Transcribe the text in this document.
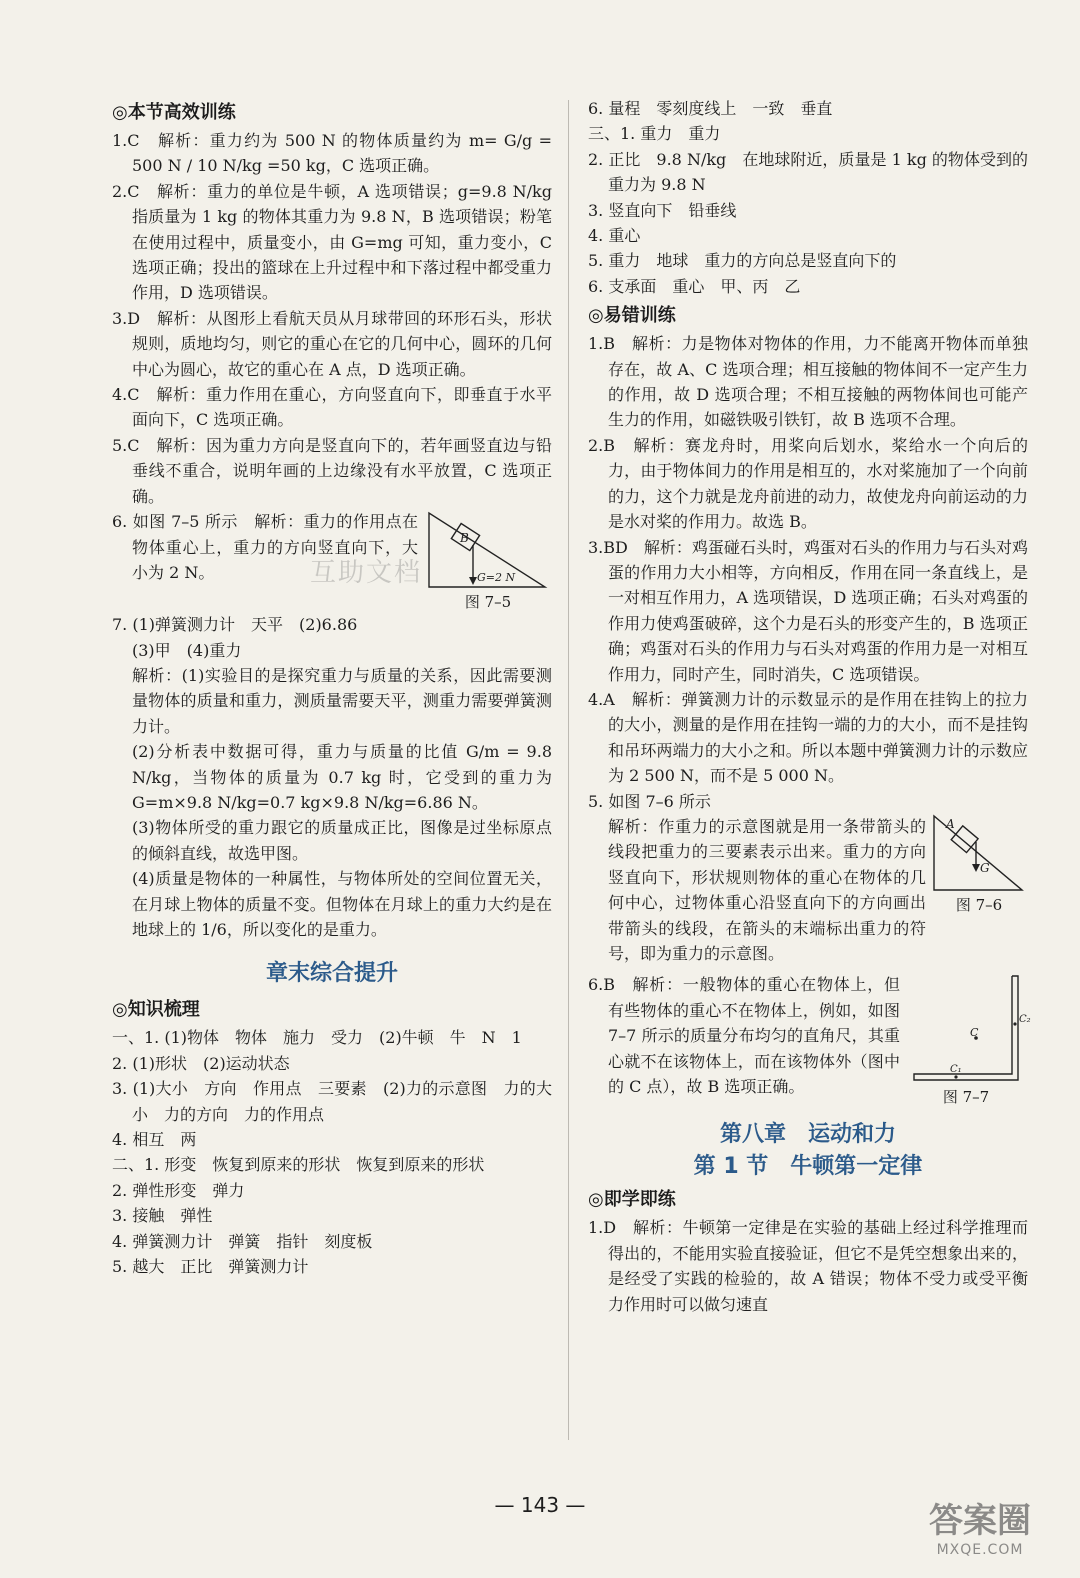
◎本节高效训练

1.C　解析：重力约为 500 N 的物体质量约为 m= G/g = 500 N / 10 N/kg =50 kg，C 选项正确。

2.C　解析：重力的单位是牛顿，A 选项错误；g=9.8 N/kg 指质量为 1 kg 的物体其重力为 9.8 N，B 选项错误；粉笔在使用过程中，质量变小，由 G=mg 可知，重力变小，C 选项正确；投出的篮球在上升过程中和下落过程中都受重力作用，D 选项错误。

3.D　解析：从图形上看航天员从月球带回的环形石头，形状规则，质地均匀，则它的重心在它的几何中心，圆环的几何中心为圆心，故它的重心在 A 点，D 选项正确。

4.C　解析：重力作用在重心，方向竖直向下，即垂直于水平面向下，C 选项正确。

5.C　解析：因为重力方向是竖直向下的，若年画竖直边与铅垂线不重合，说明年画的上边缘没有水平放置，C 选项正确。

6. 如图 7–5 所示　解析：重力的作用点在物体重心上，重力的方向竖直向下，大小为 2 N。

B
G=2 N
图 7–5

7. (1)弹簧测力计　天平　(2)6.86

(3)甲　(4)重力

解析：(1)实验目的是探究重力与质量的关系，因此需要测量物体的质量和重力，测质量需要天平，测重力需要弹簧测力计。

(2)分析表中数据可得，重力与质量的比值 G/m = 9.8 N/kg，当物体的质量为 0.7 kg 时，它受到的重力为 G=m×9.8 N/kg=0.7 kg×9.8 N/kg=6.86 N。

(3)物体所受的重力跟它的质量成正比，图像是过坐标原点的倾斜直线，故选甲图。

(4)质量是物体的一种属性，与物体所处的空间位置无关，在月球上物体的质量不变。但物体在月球上的重力大约是在地球上的 1/6，所以变化的是重力。

章末综合提升
◎知识梳理

一、1. (1)物体　物体　施力　受力　(2)牛顿　牛　N　1

2. (1)形状　(2)运动状态

3. (1)大小　方向　作用点　三要素　(2)力的示意图　力的大小　力的方向　力的作用点

4. 相互　两

二、1. 形变　恢复到原来的形状　恢复到原来的形状

2. 弹性形变　弹力

3. 接触　弹性

4. 弹簧测力计　弹簧　指针　刻度板

5. 越大　正比　弹簧测力计

6. 量程　零刻度线上　一致　垂直

三、1. 重力　重力

2. 正比　9.8 N/kg　在地球附近，质量是 1 kg 的物体受到的重力为 9.8 N

3. 竖直向下　铅垂线

4. 重心

5. 重力　地球　重力的方向总是竖直向下的

6. 支承面　重心　甲、丙　乙

◎易错训练

1.B　解析：力是物体对物体的作用，力不能离开物体而单独存在，故 A、C 选项合理；相互接触的物体间不一定产生力的作用，故 D 选项合理；不相互接触的两物体间也可能产生力的作用，如磁铁吸引铁钉，故 B 选项不合理。

2.B　解析：赛龙舟时，用桨向后划水，桨给水一个向后的力，由于物体间力的作用是相互的，水对桨施加了一个向前的力，这个力就是龙舟前进的动力，故使龙舟向前运动的力是水对桨的作用力。故选 B。

3.BD　解析：鸡蛋碰石头时，鸡蛋对石头的作用力与石头对鸡蛋的作用力大小相等，方向相反，作用在同一条直线上，是一对相互作用力，A 选项错误，D 选项正确；石头对鸡蛋的作用力使鸡蛋破碎，这个力是石头的形变产生的，B 选项正确；鸡蛋对石头的作用力与石头对鸡蛋的作用力是一对相互作用力，同时产生，同时消失，C 选项错误。

4.A　解析：弹簧测力计的示数显示的是作用在挂钩上的拉力的大小，测量的是作用在挂钩一端的力的大小，而不是挂钩和吊环两端力的大小之和。所以本题中弹簧测力计的示数应为 2 500 N，而不是 5 000 N。

5. 如图 7–6 所示

解析：作重力的示意图就是用一条带箭头的线段把重力的三要素表示出来。重力的方向竖直向下，形状规则物体的重心在物体的几何中心，过物体重心沿竖直向下的方向画出带箭头的线段，在箭头的末端标出重力的符号，即为重力的示意图。

A
G
图 7–6

6.B　解析：一般物体的重心在物体上，但有些物体的重心不在物体上，例如，如图 7–7 所示的质量分布均匀的直角尺，其重心就不在该物体上，而在该物体外（图中的 C 点），故 B 选项正确。

C
C₂
C₁
图 7–7
第八章　运动和力
第 1 节　牛顿第一定律
◎即学即练

1.D　解析：牛顿第一定律是在实验的基础上经过科学推理而得出的，不能用实验直接验证，但它不是凭空想象出来的，是经受了实践的检验的，故 A 错误；物体不受力或受平衡力作用时可以做匀速直

互助文档
— 143 —	答案圈
MXQE.COM
